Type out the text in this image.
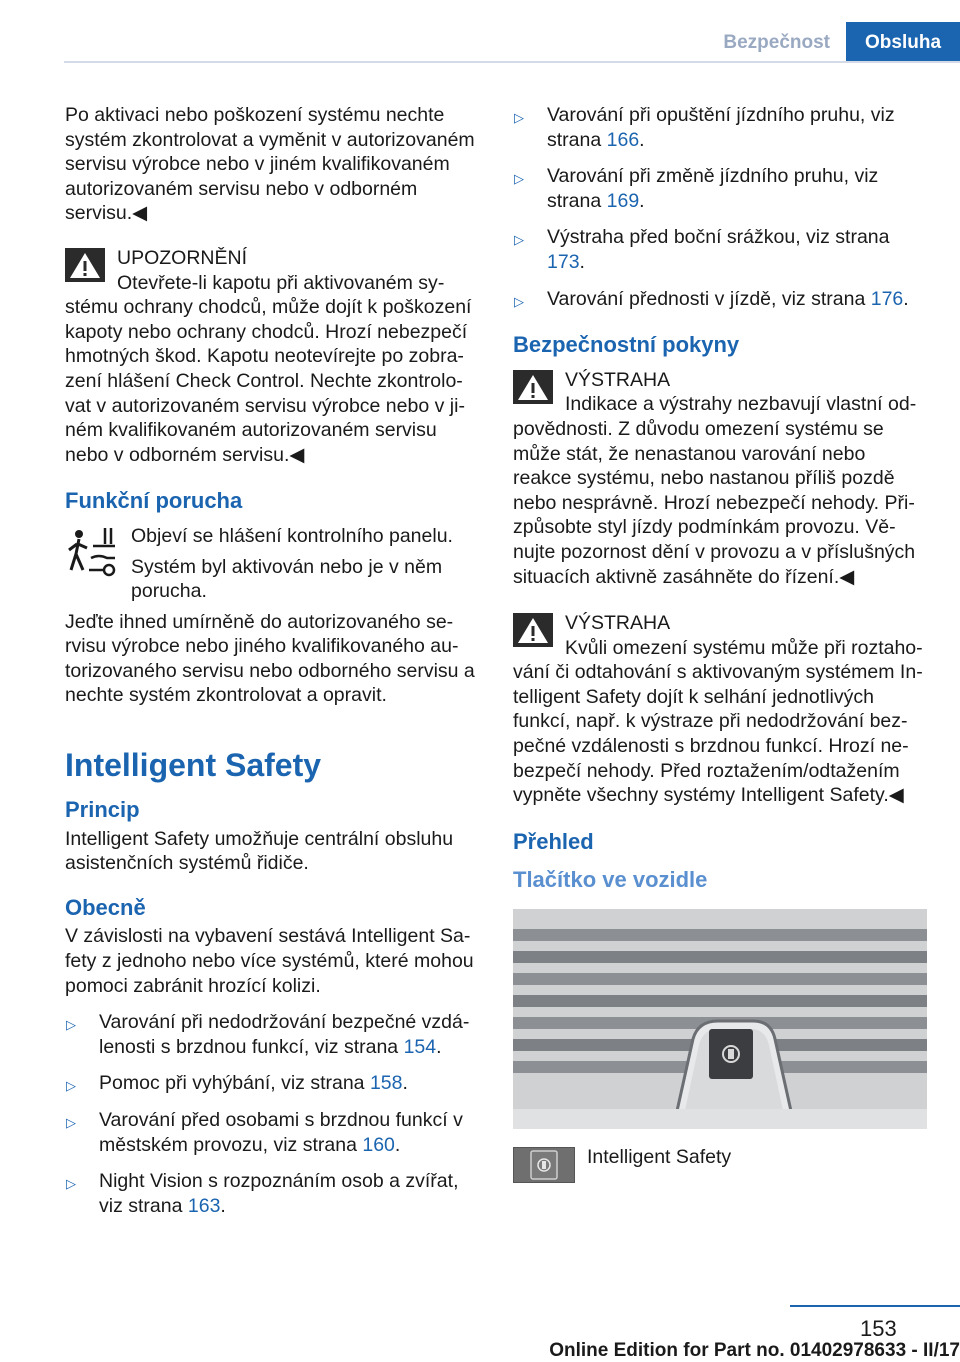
Bezpečnost	Obsluha

Po aktivaci nebo poškození systému nechte systém zkontrolovat a vyměnit v autorizovaném servisu výrobce nebo v jiném kvalifikovaném autorizovaném servisu nebo v odborném servisu.◀

UPOZORNĚNÍ
Otevřete-li kapotu při aktivovaném systému ochrany chodců, může dojít k poškození kapoty nebo ochrany chodců. Hrozí nebezpečí hmotných škod. Kapotu neotevírejte po zobrazení hlášení Check Control. Nechte zkontrolovat v autorizovaném servisu výrobce nebo v jiném kvalifikovaném autorizovaném servisu nebo v odborném servisu.◀
Funkční porucha

Objeví se hlášení kontrolního panelu.

Systém byl aktivován nebo je v něm porucha.

Jeďte ihned umírněně do autorizovaného servisu výrobce nebo jiného kvalifikovaného autorizovaného servisu nebo odborného servisu a nechte systém zkontrolovat a opravit.

Intelligent Safety
Princip

Intelligent Safety umožňuje centrální obsluhu asistenčních systémů řidiče.

Obecně

V závislosti na vybavení sestává Intelligent Safety z jednoho nebo více systémů, které mohou pomoci zabránit hrozící kolizi.

▷ Varování při nedodržování bezpečné vzdálenosti s brzdnou funkcí, viz strana 154.
▷ Pomoc při vyhýbání, viz strana 158.
▷ Varování před osobami s brzdnou funkcí v městském provozu, viz strana 160.
▷ Night Vision s rozpoznáním osob a zvířat, viz strana 163.
▷ Varování při opuštění jízdního pruhu, viz strana 166.
▷ Varování při změně jízdního pruhu, viz strana 169.
▷ Výstraha před boční srážkou, viz strana 173.
▷ Varování přednosti v jízdě, viz strana 176.
Bezpečnostní pokyny
VÝSTRAHA
Indikace a výstrahy nezbavují vlastní odpovědnosti. Z důvodu omezení systému se může stát, že nenastanou varování nebo reakce systému, nebo nastanou příliš pozdě nebo nesprávně. Hrozí nebezpečí nehody. Přizpůsobte styl jízdy podmínkám provozu. Věnujte pozornost dění v provozu a v příslušných situacích aktivně zasáhněte do řízení.◀
VÝSTRAHA
Kvůli omezení systému může při roztahování či odtahování s aktivovaným systémem Intelligent Safety dojít k selhání jednotlivých funkcí, např. k výstraze při nedodržování bezpečné vzdálenosti s brzdnou funkcí. Hrozí nebezpečí nehody. Před roztažením/odtažením vypněte všechny systémy Intelligent Safety.◀
Přehled
Tlačítko ve vozidle
Intelligent Safety
153
Online Edition for Part no. 01402978633 - II/17
